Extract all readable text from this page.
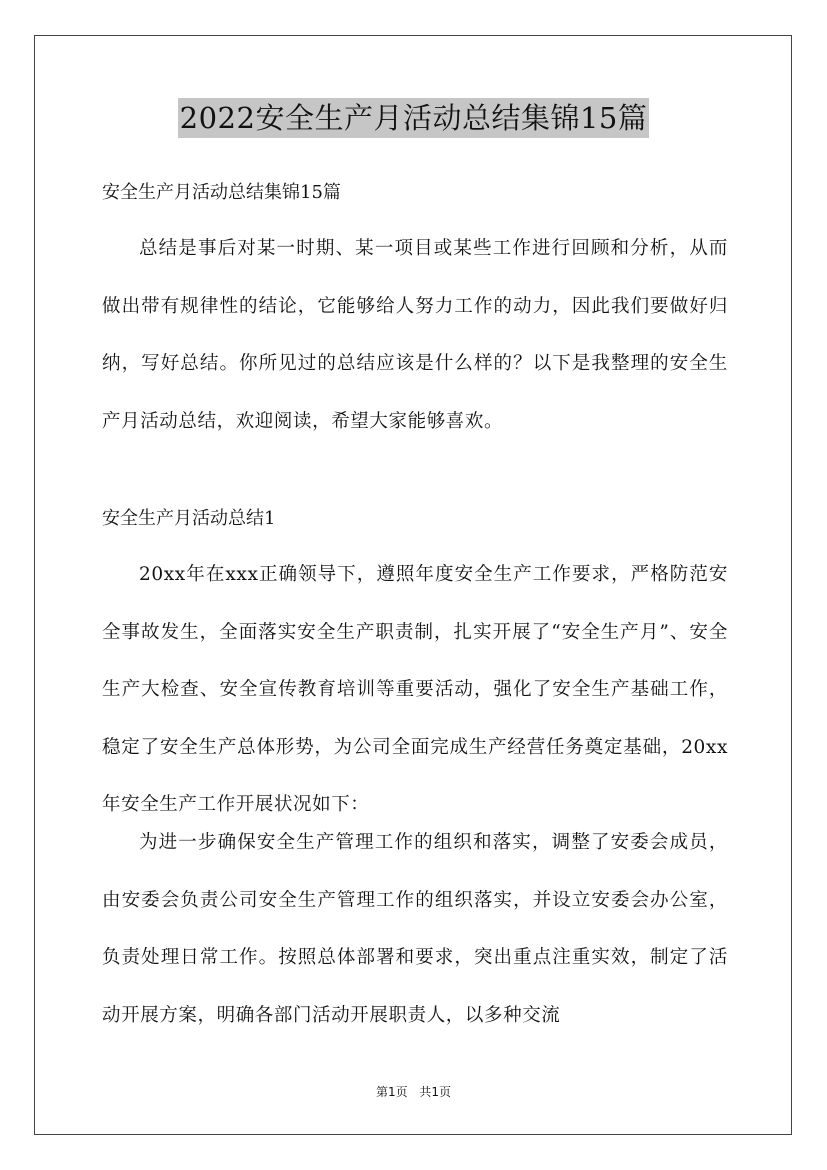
2022安全生产月活动总结集锦15篇
安全生产月活动总结集锦15篇

总结是事后对某一时期、某一项目或某些工作进行回顾和分析，从而做出带有规律性的结论，它能够给人努力工作的动力，因此我们要做好归纳，写好总结。你所见过的总结应该是什么样的？以下是我整理的安全生产月活动总结，欢迎阅读，希望大家能够喜欢。

安全生产月活动总结1

20xx年在xxx正确领导下，遵照年度安全生产工作要求，严格防范安全事故发生，全面落实安全生产职责制，扎实开展了“安全生产月”、安全生产大检查、安全宣传教育培训等重要活动，强化了安全生产基础工作，稳定了安全生产总体形势，为公司全面完成生产经营任务奠定基础，20xx年安全生产工作开展状况如下：

为进一步确保安全生产管理工作的组织和落实，调整了安委会成员，由安委会负责公司安全生产管理工作的组织落实，并设立安委会办公室，负责处理日常工作。按照总体部署和要求，突出重点注重实效，制定了活动开展方案，明确各部门活动开展职责人，以多种交流

第1页 共1页
